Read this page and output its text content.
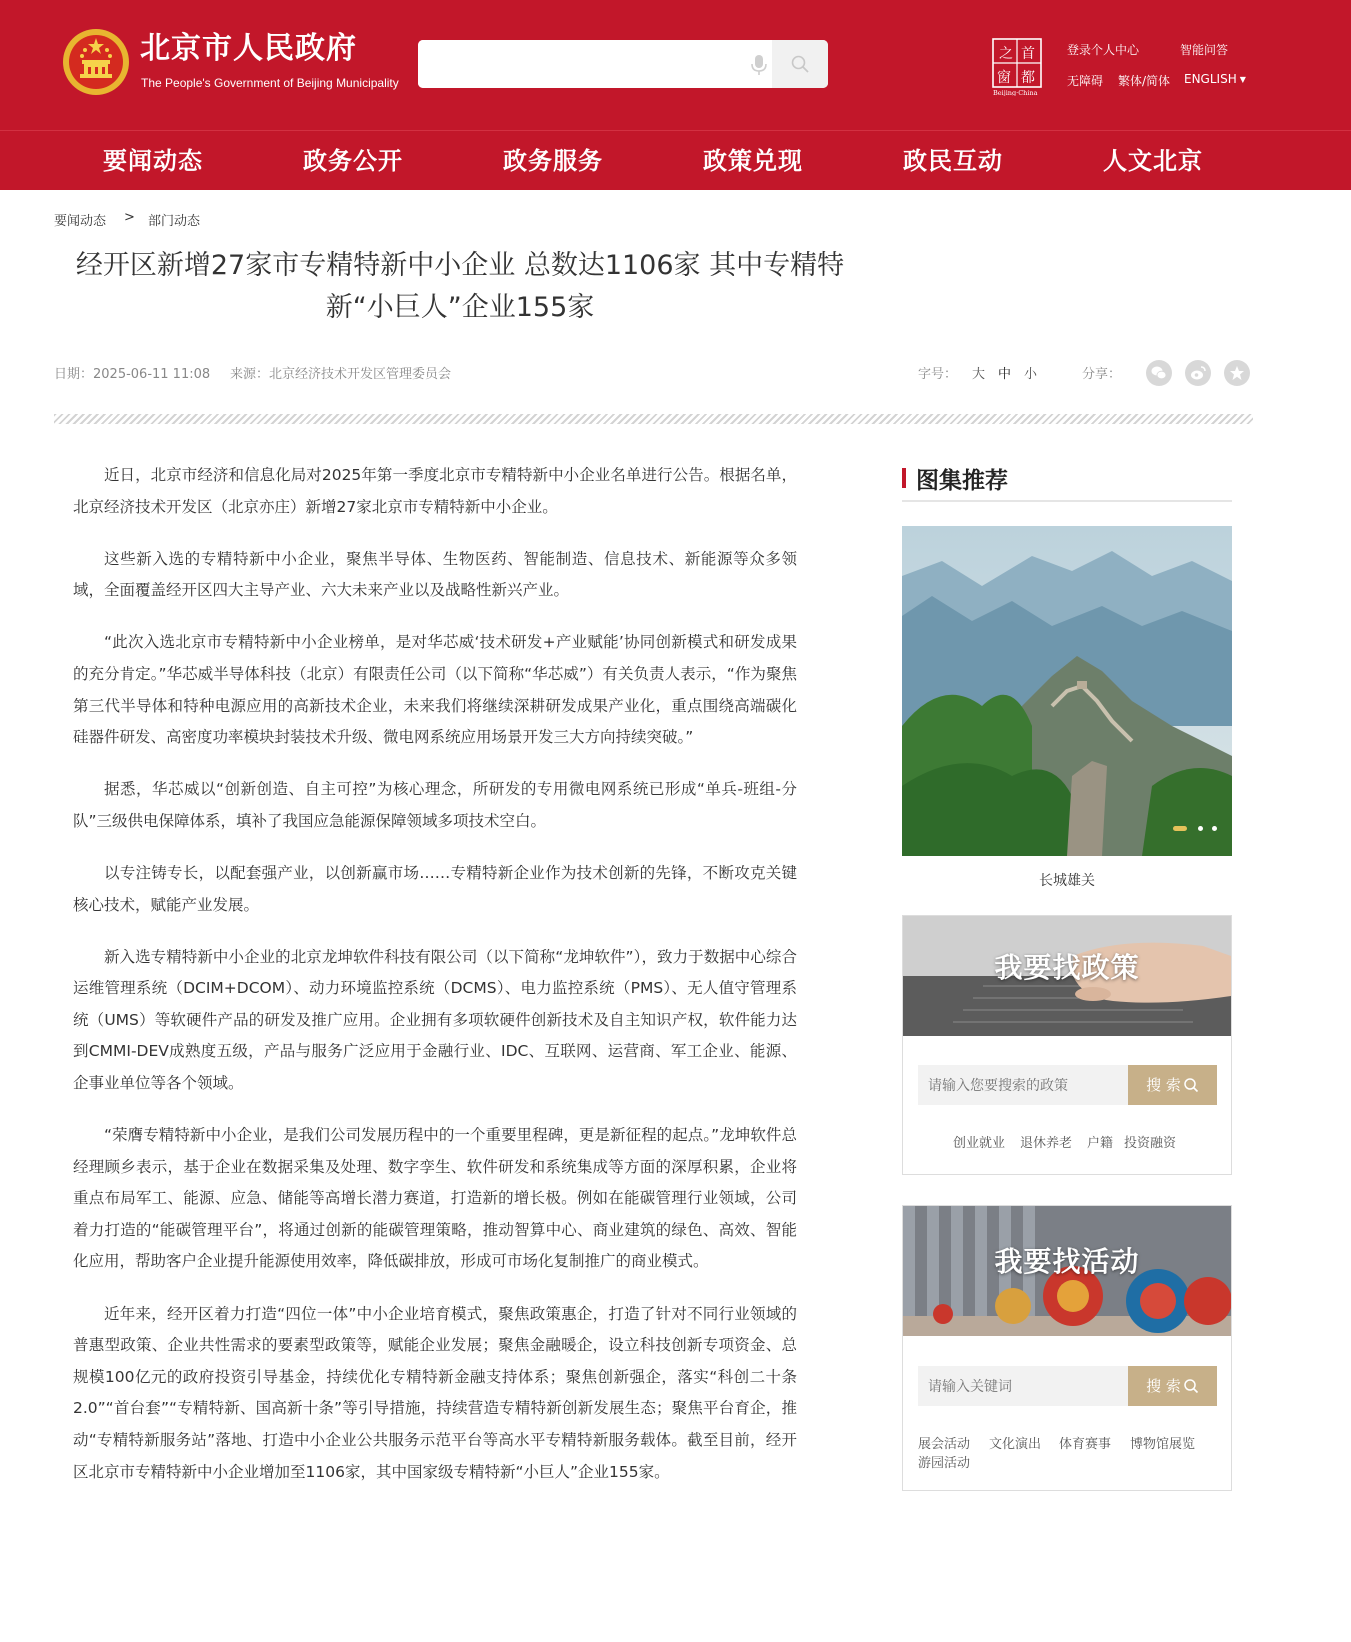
北京市人民政府
The People's Government of Beijing Municipality
之 首
窗 都
Beijing·China
登录个人中心	智能问答
无障碍 繁体/简体 ENGLISH ▼
要闻动态	政务公开	政务服务	政策兑现	政民互动	人文北京
要闻动态 > 部门动态
经开区新增27家市专精特新中小企业 总数达1106家 其中专精特
新“小巨人”企业155家
日期：2025-06-11 11:08 来源：北京经济技术开发区管理委员会	字号： 大 中 小	分享：

近日，北京市经济和信息化局对2025年第一季度北京市专精特新中小企业名单进行公告。根据名单，北京经济技术开发区（北京亦庄）新增27家北京市专精特新中小企业。

这些新入选的专精特新中小企业，聚焦半导体、生物医药、智能制造、信息技术、新能源等众多领域，全面覆盖经开区四大主导产业、六大未来产业以及战略性新兴产业。

“此次入选北京市专精特新中小企业榜单，是对华芯威‘技术研发+产业赋能’协同创新模式和研发成果的充分肯定。”华芯威半导体科技（北京）有限责任公司（以下简称“华芯威”）有关负责人表示，“作为聚焦第三代半导体和特种电源应用的高新技术企业，未来我们将继续深耕研发成果产业化，重点围绕高端碳化硅器件研发、高密度功率模块封装技术升级、微电网系统应用场景开发三大方向持续突破。”

据悉，华芯威以“创新创造、自主可控”为核心理念，所研发的专用微电网系统已形成“单兵-班组-分队”三级供电保障体系，填补了我国应急能源保障领域多项技术空白。

以专注铸专长，以配套强产业，以创新赢市场……专精特新企业作为技术创新的先锋，不断攻克关键核心技术，赋能产业发展。

新入选专精特新中小企业的北京龙坤软件科技有限公司（以下简称“龙坤软件”），致力于数据中心综合运维管理系统（DCIM+DCOM）、动力环境监控系统（DCMS）、电力监控系统（PMS）、无人值守管理系统（UMS）等软硬件产品的研发及推广应用。企业拥有多项软硬件创新技术及自主知识产权，软件能力达到CMMI-DEV成熟度五级，产品与服务广泛应用于金融行业、IDC、互联网、运营商、军工企业、能源、企事业单位等各个领域。

“荣膺专精特新中小企业，是我们公司发展历程中的一个重要里程碑，更是新征程的起点。”龙坤软件总经理顾乡表示，基于企业在数据采集及处理、数字孪生、软件研发和系统集成等方面的深厚积累，企业将重点布局军工、能源、应急、储能等高增长潜力赛道，打造新的增长极。例如在能碳管理行业领域，公司着力打造的“能碳管理平台”，将通过创新的能碳管理策略，推动智算中心、商业建筑的绿色、高效、智能化应用，帮助客户企业提升能源使用效率，降低碳排放，形成可市场化复制推广的商业模式。

近年来，经开区着力打造“四位一体”中小企业培育模式，聚焦政策惠企，打造了针对不同行业领域的普惠型政策、企业共性需求的要素型政策等，赋能企业发展；聚焦金融暖企，设立科技创新专项资金、总规模100亿元的政府投资引导基金，持续优化专精特新金融支持体系；聚焦创新强企，落实“科创二十条2.0”“首台套”“专精特新、国高新十条”等引导措施，持续营造专精特新创新发展生态；聚焦平台育企，推动“专精特新服务站”落地、打造中小企业公共服务示范平台等高水平专精特新服务载体。截至目前，经开区北京市专精特新中小企业增加至1106家，其中国家级专精特新“小巨人”企业155家。

图集推荐
长城雄关
我要找政策
请输入您要搜索的政策
搜 索
创业就业 退休养老 户籍 投资融资
我要找活动
请输入关键词
搜 索
展会活动 文化演出 体育赛事 博物馆展览
游园活动
